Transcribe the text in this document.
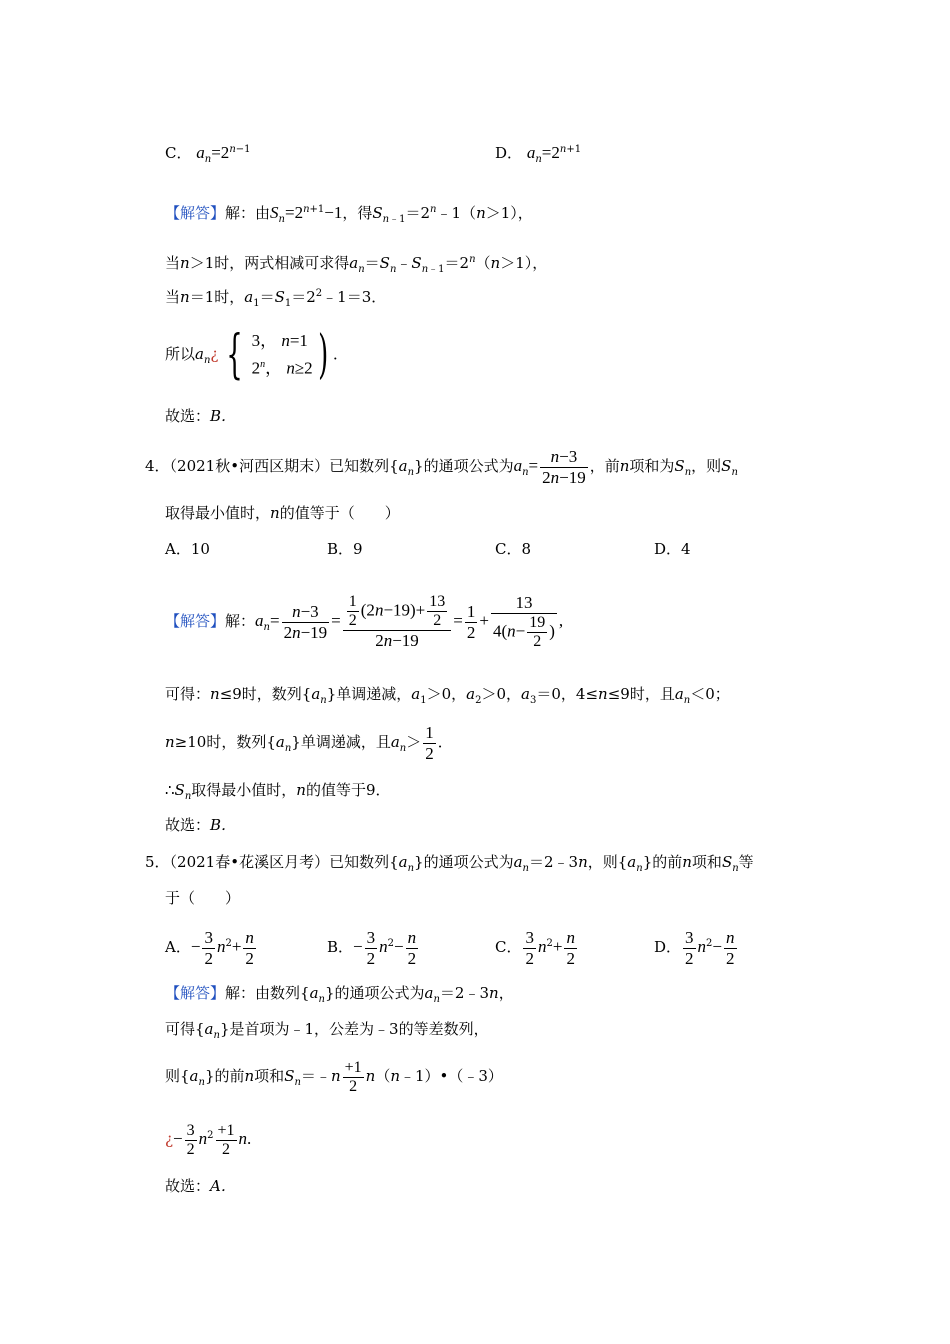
C． $a_n=2^{n-1}$	D． $a_n=2^{n+1}$
【解答】解：由$S_n=2^{n+1}-1$，得$S_{n﹣1}=2^n﹣1(n>1)$，
当n＞1时，两式相减可求得$a_n=S_n﹣S_{n﹣1}=2^n(n>1)$，
当n＝1时，$a_1=S_1=2^2﹣1=3$．
所以$a_n¿$ { 3， n=1
2$^n$， n≥2 ) ．
故选：B．
4．（2021秋•河西区期末）已知数列$\{a_n\}$的通项公式为$a_n= \frac{n-3}{2n-19}$ ，前n项和为$S_n$，则$S_n$
取得最小值时，n的值等于（　　）
A．10	B．9	C．8	D．4
【解答】解：$a_n= \frac{n-3}{2n-19} = \frac{\frac{1}{2} (2n-19)+ \frac{13}{2}}{2n-19} = \frac{1}{2} + \frac{13}{4(n- \frac{19}{2} )}$ ,
可得：n≤9时，数列$\{a_n\}$单调递减，$a_1>0$，$a_2>0$，$a_3=0$，4≤n≤9时，且$a_n<0$；
n≥10时，数列$\{a_n\}$单调递减，且$a_n> \frac{1}{2}$ ．
$\therefore S_n$取得最小值时，n的值等于9．
故选：B．
5．（2021春•花溪区月考）已知数列$\{a_n\}$的通项公式为$a_n=2﹣3n$，则$\{a_n\}$的前n项和$S_n$等
于（　　）
A．− $\frac{3}{2} n^2+ \frac{n}{2}$	B．− $\frac{3}{2} n^2- \frac{n}{2}$	C． $\frac{3}{2} n^2+ \frac{n}{2}$	D． $\frac{3}{2} n^2- \frac{n}{2}$
【解答】解：由数列$\{a_n\}$的通项公式为$a_n=2﹣3n$，
可得$\{a_n\}$是首项为﹣1，公差为﹣3的等差数列，
则$\{a_n\}$的前n项和$S_n=﹣n \frac{+1}{2}$ n（n﹣1）•（﹣3）
¿− $\frac{3}{2} n^2 \frac{+1}{2} n$.
故选：A．
